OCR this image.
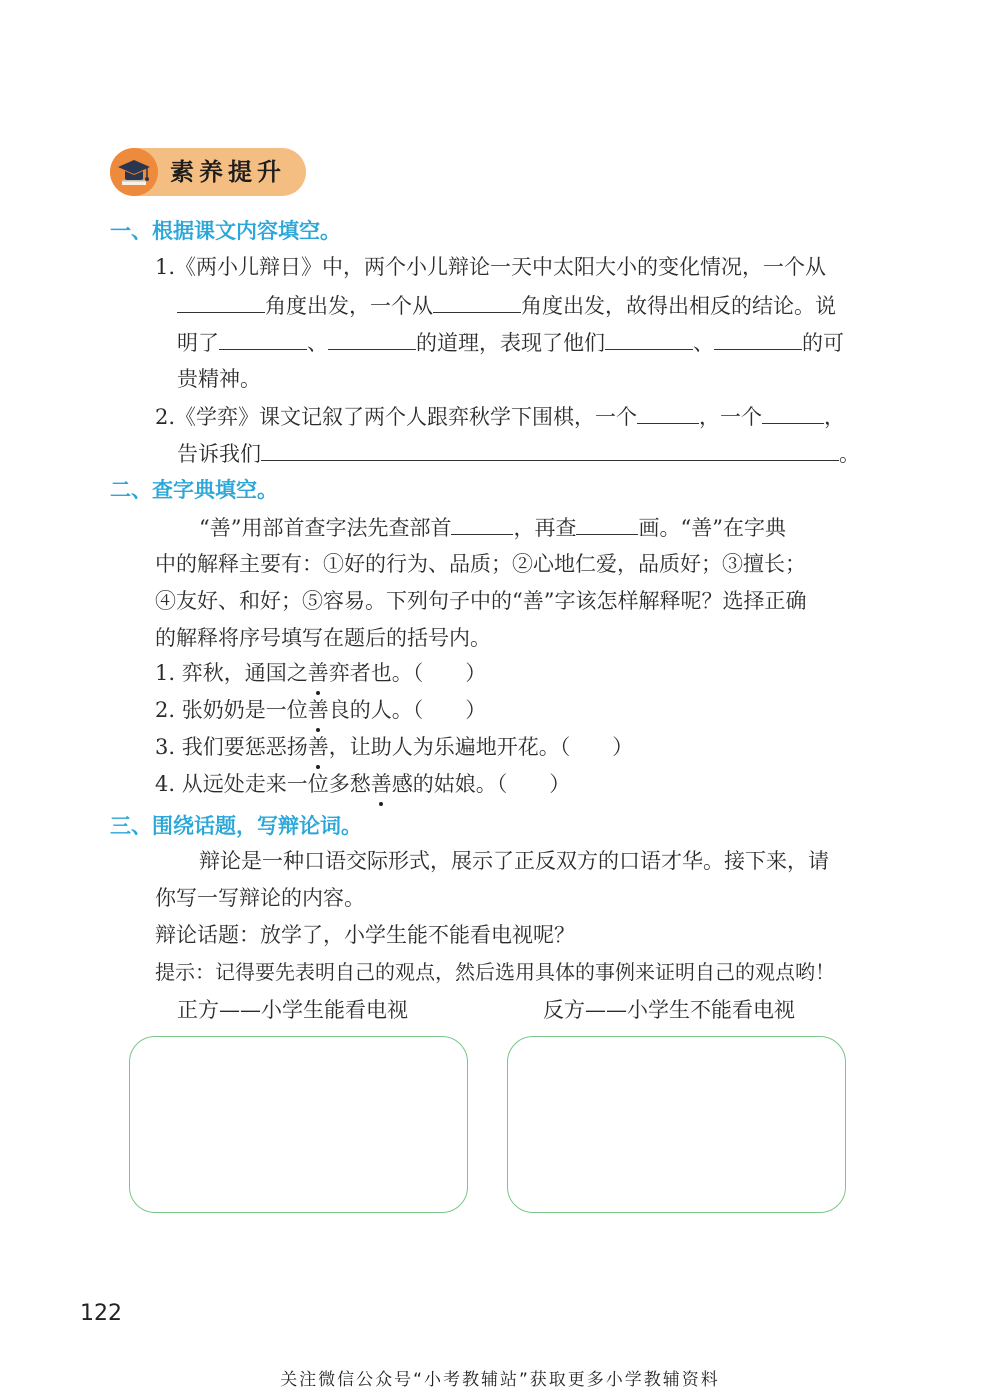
素养提升
一、根据课文内容填空。
1.《两小儿辩日》中，两个小儿辩论一天中太阳大小的变化情况，一个从
角度出发，一个从	角度出发，故得出相反的结论。说
明了	、	的道理，表现了他们	、	的可
贵精神。
2.《学弈》课文记叙了两个人跟弈秋学下围棋，一个	，一个	，
告诉我们	。
二、查字典填空。
“善”用部首查字法先查部首	，再查	画。“善”在字典
中的解释主要有：①好的行为、品质；②心地仁爱，品质好；③擅长；
④友好、和好；⑤容易。下列句子中的“善”字该怎样解释呢？选择正确
的解释将序号填写在题后的括号内。
1. 弈秋，通国之善弈者也。（　　）
2. 张奶奶是一位善良的人。（　　）
3. 我们要惩恶扬善，让助人为乐遍地开花。（　　）
4. 从远处走来一位多愁善感的姑娘。（　　）
三、围绕话题，写辩论词。
辩论是一种口语交际形式，展示了正反双方的口语才华。接下来，请
你写一写辩论的内容。
辩论话题：放学了，小学生能不能看电视呢？
提示：记得要先表明自己的观点，然后选用具体的事例来证明自己的观点哟！
正方——小学生能看电视	反方——小学生不能看电视
122
关注微信公众号“小考教辅站”获取更多小学教辅资料
